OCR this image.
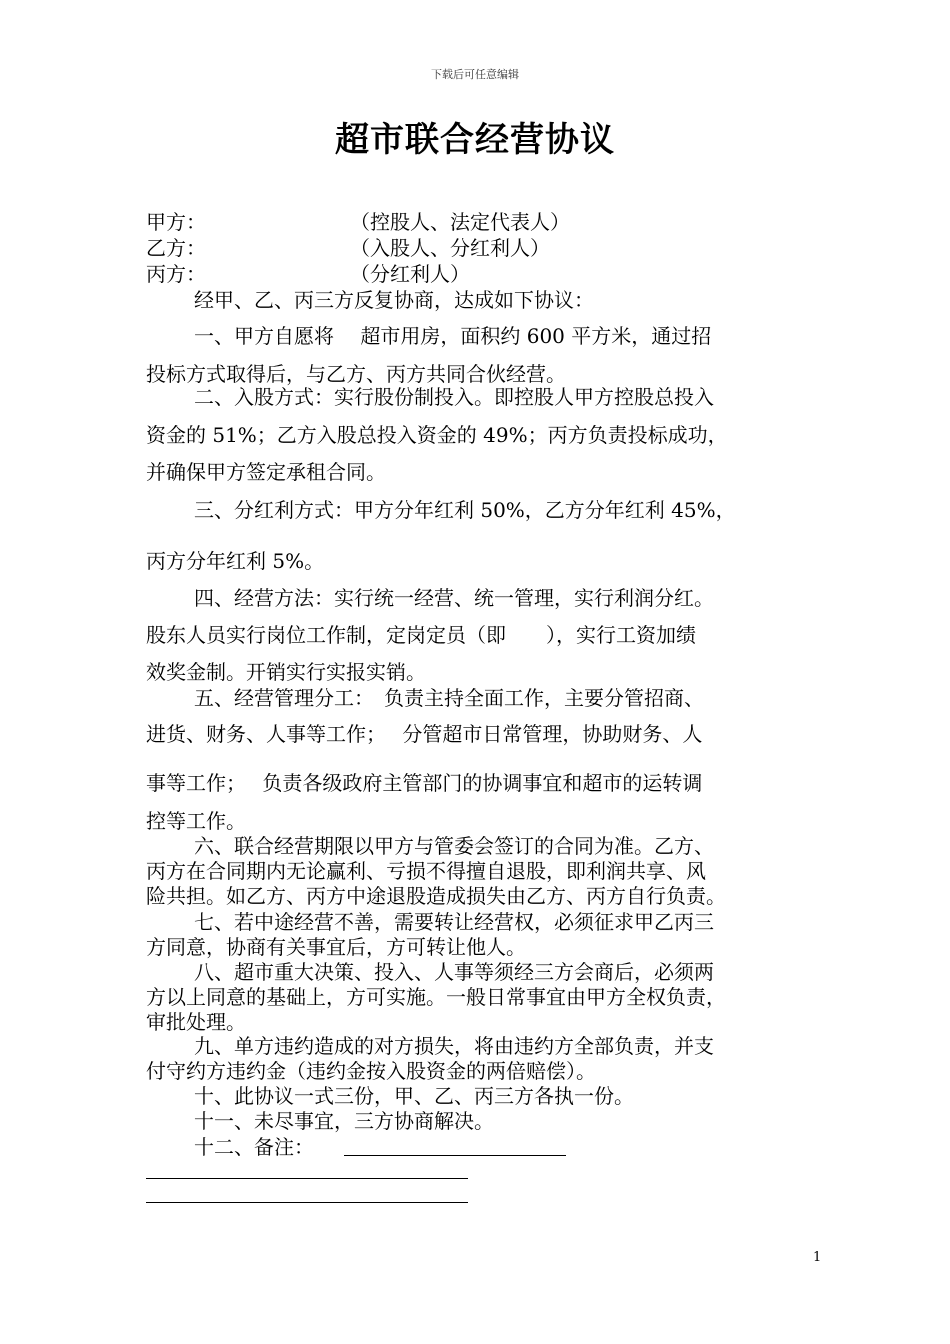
下载后可任意编辑
超市联合经营协议
甲方：	（控股人、法定代表人）
乙方：	（入股人、分红利人）
丙方：	（分红利人）
经甲、乙、丙三方反复协商，达成如下协议：
一、甲方自愿将　 超市用房，面积约 600 平方米，通过招
投标方式取得后，与乙方、丙方共同合伙经营。
二、入股方式：实行股份制投入。即控股人甲方控股总投入
资金的 51%；乙方入股总投入资金的 49%；丙方负责投标成功，
并确保甲方签定承租合同。
三、分红利方式：甲方分年红利 50%，乙方分年红利 45%，
丙方分年红利 5%。
四、经营方法：实行统一经营、统一管理，实行利润分红。
股东人员实行岗位工作制，定岗定员（即　　），实行工资加绩
效奖金制。开销实行实报实销。
五、经营管理分工：　负责主持全面工作，主要分管招商、
进货、财务、人事等工作；　 分管超市日常管理，协助财务、人
事等工作；　 负责各级政府主管部门的协调事宜和超市的运转调
控等工作。
六、联合经营期限以甲方与管委会签订的合同为准。乙方、
丙方在合同期内无论赢利、亏损不得擅自退股，即利润共享、风
险共担。如乙方、丙方中途退股造成损失由乙方、丙方自行负责。
七、若中途经营不善，需要转让经营权，必须征求甲乙丙三
方同意，协商有关事宜后，方可转让他人。
八、超市重大决策、投入、人事等须经三方会商后，必须两
方以上同意的基础上，方可实施。一般日常事宜由甲方全权负责，
审批处理。
九、单方违约造成的对方损失，将由违约方全部负责，并支
付守约方违约金（违约金按入股资金的两倍赔偿）。
十、此协议一式三份，甲、乙、丙三方各执一份。
十一、未尽事宜，三方协商解决。
十二、备注：
1
